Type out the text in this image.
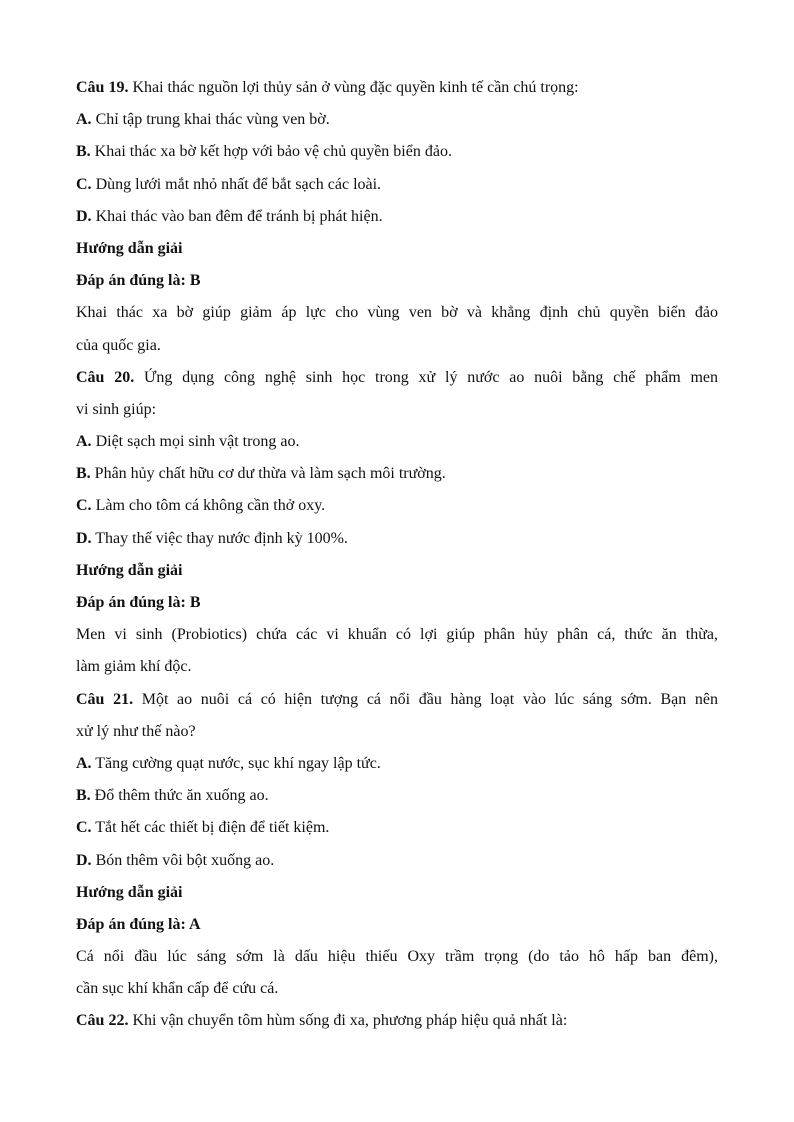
Câu 19. Khai thác nguồn lợi thủy sản ở vùng đặc quyền kinh tế cần chú trọng:
A. Chỉ tập trung khai thác vùng ven bờ.
B. Khai thác xa bờ kết hợp với bảo vệ chủ quyền biển đảo.
C. Dùng lưới mắt nhỏ nhất để bắt sạch các loài.
D. Khai thác vào ban đêm để tránh bị phát hiện.
Hướng dẫn giải
Đáp án đúng là: B
Khai thác xa bờ giúp giảm áp lực cho vùng ven bờ và khẳng định chủ quyền biển đảo
của quốc gia.
Câu 20. Ứng dụng công nghệ sinh học trong xử lý nước ao nuôi bằng chế phẩm men
vi sinh giúp:
A. Diệt sạch mọi sinh vật trong ao.
B. Phân hủy chất hữu cơ dư thừa và làm sạch môi trường.
C. Làm cho tôm cá không cần thở oxy.
D. Thay thế việc thay nước định kỳ 100%.
Hướng dẫn giải
Đáp án đúng là: B
Men vi sinh (Probiotics) chứa các vi khuẩn có lợi giúp phân hủy phân cá, thức ăn thừa,
làm giảm khí độc.
Câu 21. Một ao nuôi cá có hiện tượng cá nổi đầu hàng loạt vào lúc sáng sớm. Bạn nên
xử lý như thế nào?
A. Tăng cường quạt nước, sục khí ngay lập tức.
B. Đổ thêm thức ăn xuống ao.
C. Tắt hết các thiết bị điện để tiết kiệm.
D. Bón thêm vôi bột xuống ao.
Hướng dẫn giải
Đáp án đúng là: A
Cá nổi đầu lúc sáng sớm là dấu hiệu thiếu Oxy trầm trọng (do tảo hô hấp ban đêm),
cần sục khí khẩn cấp để cứu cá.
Câu 22. Khi vận chuyển tôm hùm sống đi xa, phương pháp hiệu quả nhất là:
